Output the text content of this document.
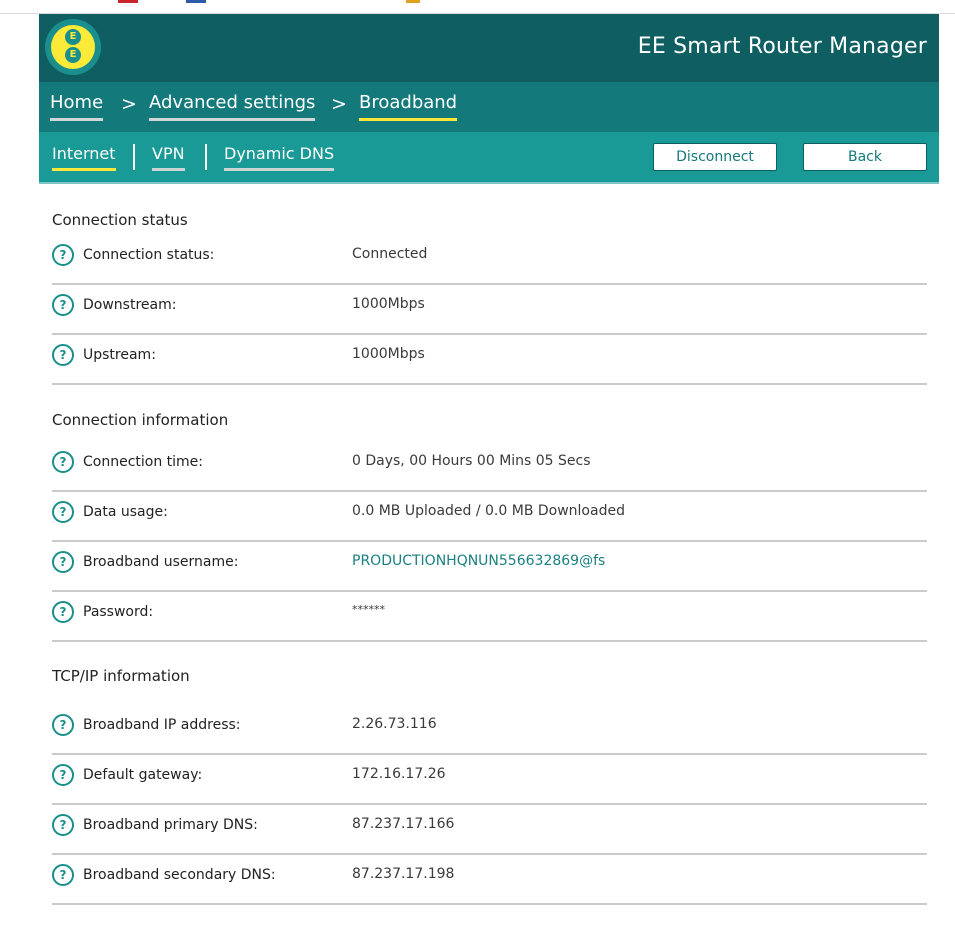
E
E	EE Smart Router Manager
Home > Advanced settings > Broadband
Internet VPN Dynamic DNS	Disconnect	Back
Connection status
?	Connection status:	Connected
?	Downstream:	1000Mbps
?	Upstream:	1000Mbps
Connection information
?	Connection time:	0 Days, 00 Hours 00 Mins 05 Secs
?	Data usage:	0.0 MB Uploaded / 0.0 MB Downloaded
?	Broadband username:	PRODUCTIONHQNUN556632869@fs
?	Password:	******
TCP/IP information
?	Broadband IP address:	2.26.73.116
?	Default gateway:	172.16.17.26
?	Broadband primary DNS:	87.237.17.166
?	Broadband secondary DNS:	87.237.17.198
